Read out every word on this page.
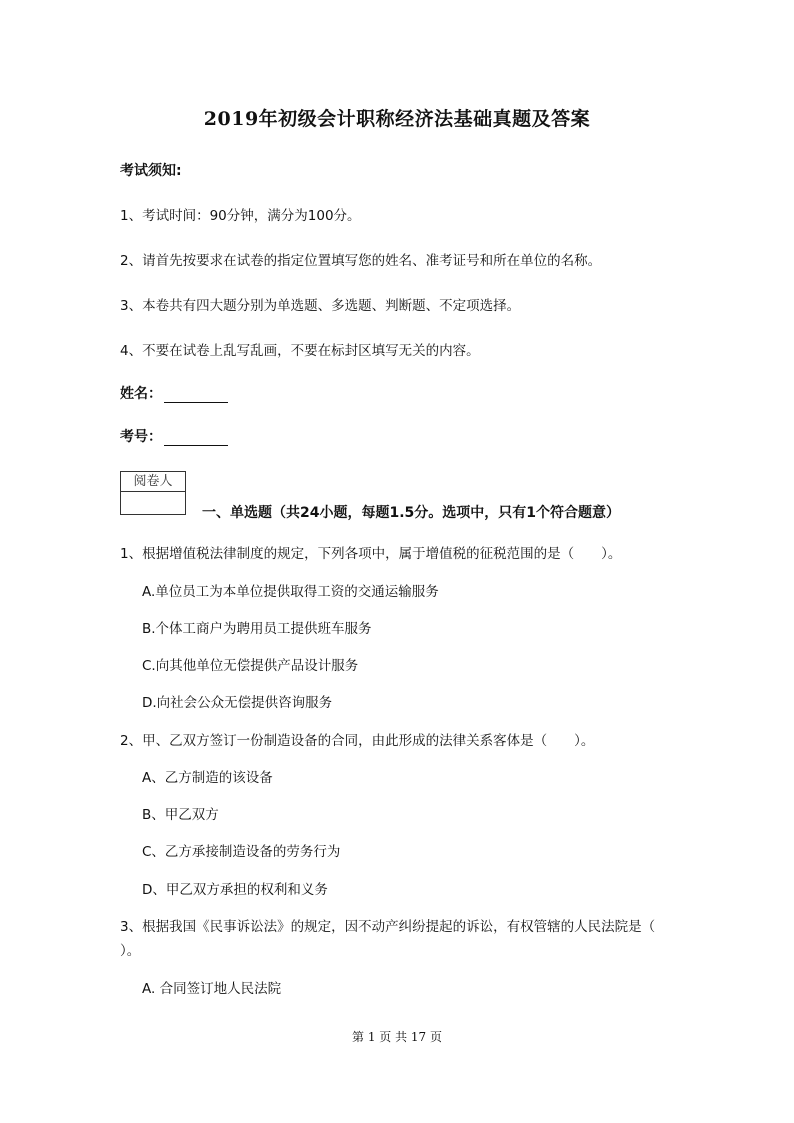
2019年初级会计职称经济法基础真题及答案
考试须知:
1、考试时间：90分钟，满分为100分。
2、请首先按要求在试卷的指定位置填写您的姓名、准考证号和所在单位的名称。
3、本卷共有四大题分别为单选题、多选题、判断题、不定项选择。
4、不要在试卷上乱写乱画，不要在标封区填写无关的内容。
姓名：
考号：
阅卷人
一、单选题（共24小题，每题1.5分。选项中，只有1个符合题意）
1、根据增值税法律制度的规定，下列各项中，属于增值税的征税范围的是（　　）。
A.单位员工为本单位提供取得工资的交通运输服务
B.个体工商户为聘用员工提供班车服务
C.向其他单位无偿提供产品设计服务
D.向社会公众无偿提供咨询服务
2、甲、乙双方签订一份制造设备的合同，由此形成的法律关系客体是（　　）。
A、乙方制造的该设备
B、甲乙双方
C、乙方承接制造设备的劳务行为
D、甲乙双方承担的权利和义务
3、根据我国《民事诉讼法》的规定，因不动产纠纷提起的诉讼，有权管辖的人民法院是（
）。
A. 合同签订地人民法院
第 1 页 共 17 页
